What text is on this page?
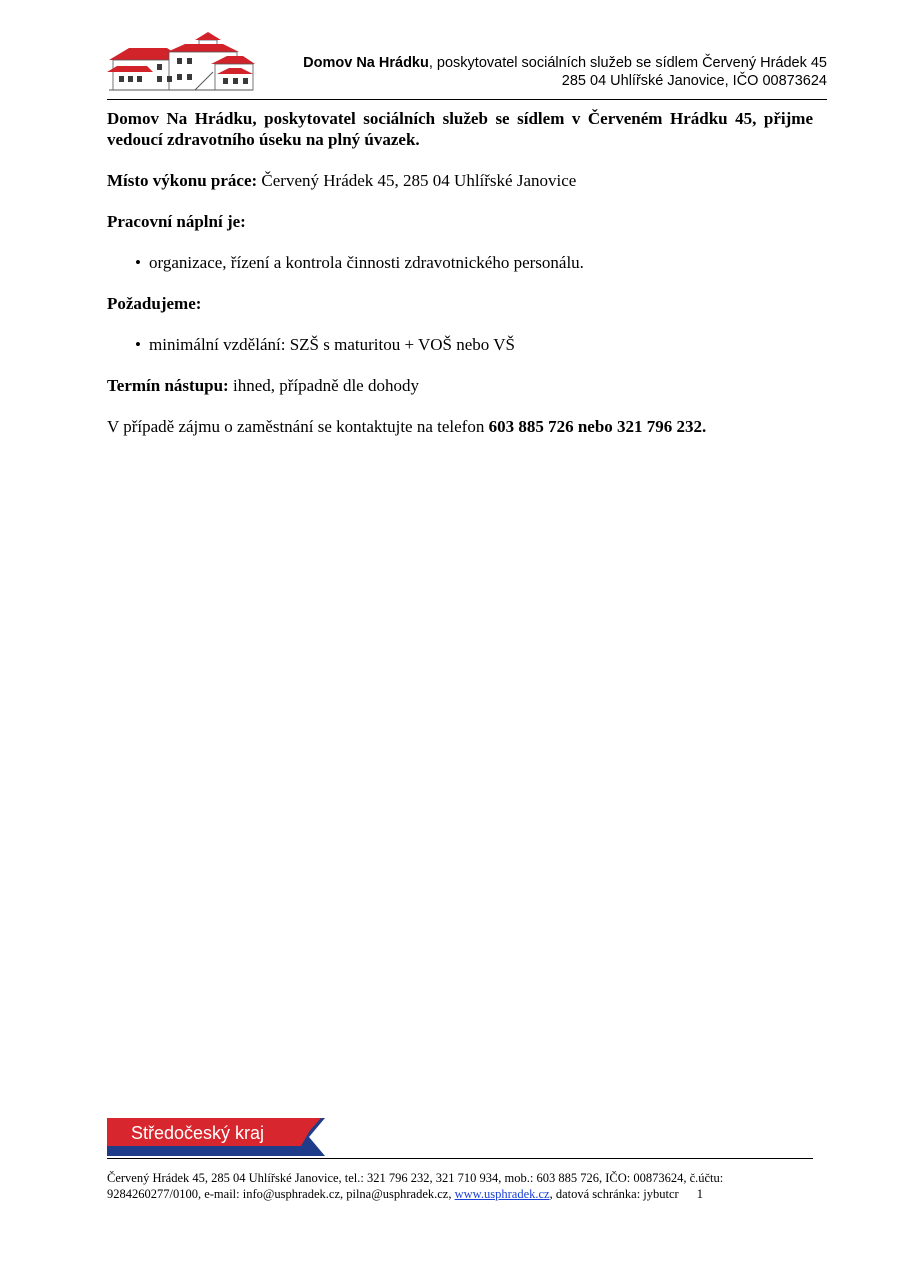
Domov Na Hrádku, poskytovatel sociálních služeb se sídlem Červený Hrádek 45
285 04 Uhlířské Janovice, IČO 00873624

Domov Na Hrádku, poskytovatel sociálních služeb se sídlem v Červeném Hrádku 45, přijme vedoucí zdravotního úseku na plný úvazek.

Místo výkonu práce: Červený Hrádek 45, 285 04 Uhlířské Janovice

Pracovní náplní je:

• organizace, řízení a kontrola činnosti zdravotnického personálu.

Požadujeme:

• minimální vzdělání: SZŠ s maturitou + VOŠ nebo VŠ

Termín nástupu: ihned, případně dle dohody

V případě zájmu o zaměstnání se kontaktujte na telefon 603 885 726 nebo 321 796 232.

Středočeský kraj
Červený Hrádek 45, 285 04 Uhlířské Janovice, tel.: 321 796 232, 321 710 934, mob.: 603 885 726, IČO: 00873624, č.účtu:
9284260277/0100, e-mail: info@usphradek.cz, pilna@usphradek.cz, www.usphradek.cz, datová schránka: jybutcr 1
